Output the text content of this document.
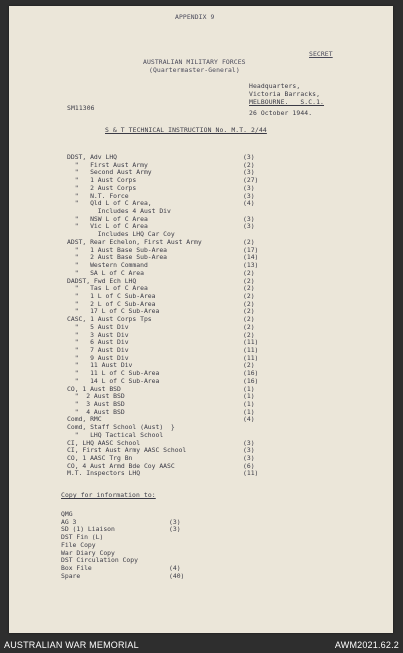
APPENDIX 9
SECRET
AUSTRALIAN MILITARY FORCES
(Quartermaster-General)
Headquarters,
Victoria Barracks,
MELBOURNE.   S.C.1.
SM11306
26 October 1944.
S & T TECHNICAL INSTRUCTION No. M.T. 2/44
DDST, Adv LHQ	(3)
"   First Aust Army	(2)
"   Second Aust Army	(3)
"   1 Aust Corps	(27)
"   2 Aust Corps	(3)
"   N.T. Force	(3)
"   Qld L of C Area,	(4)
Includes 4 Aust Div
"   NSW L of C Area	(3)
"   Vic L of C Area	(3)
Includes LHQ Car Coy
ADST, Rear Echelon, First Aust Army	(2)
"   1 Aust Base Sub-Area	(17)
"   2 Aust Base Sub-Area	(14)
"   Western Command	(13)
"   SA L of C Area	(2)
DADST, Fwd Ech LHQ	(2)
"   Tas L of C Area	(2)
"   1 L of C Sub-Area	(2)
"   2 L of C Sub-Area	(2)
"   17 L of C Sub-Area	(2)
CASC, 1 Aust Corps Tps	(2)
"   5 Aust Div	(2)
"   3 Aust Div	(2)
"   6 Aust Div	(11)
"   7 Aust Div	(11)
"   9 Aust Div	(11)
"   11 Aust Div	(2)
"   11 L of C Sub-Area	(16)
"   14 L of C Sub-Area	(16)
CO, 1 Aust BSD	(1)
"  2 Aust BSD	(1)
"  3 Aust BSD	(1)
"  4 Aust BSD	(1)
Comd, RMC	(4)
Comd, Staff School (Aust)  }
"   LHQ Tactical School
CI, LHQ AASC School	(3)
CI, First Aust Army AASC School	(3)
CO, 1 AASC Trg Bn	(3)
CO, 4 Aust Armd Bde Coy AASC	(6)
M.T. Inspectors LHQ	(11)
Copy for information to:
QMG
AG 3	(3)
SD (1) Liaison	(3)
DST Fin (L)
File Copy
War Diary Copy
DST Circulation Copy
Box File	(4)
Spare	(40)
AUSTRALIAN WAR MEMORIAL	AWM2021.62.2
